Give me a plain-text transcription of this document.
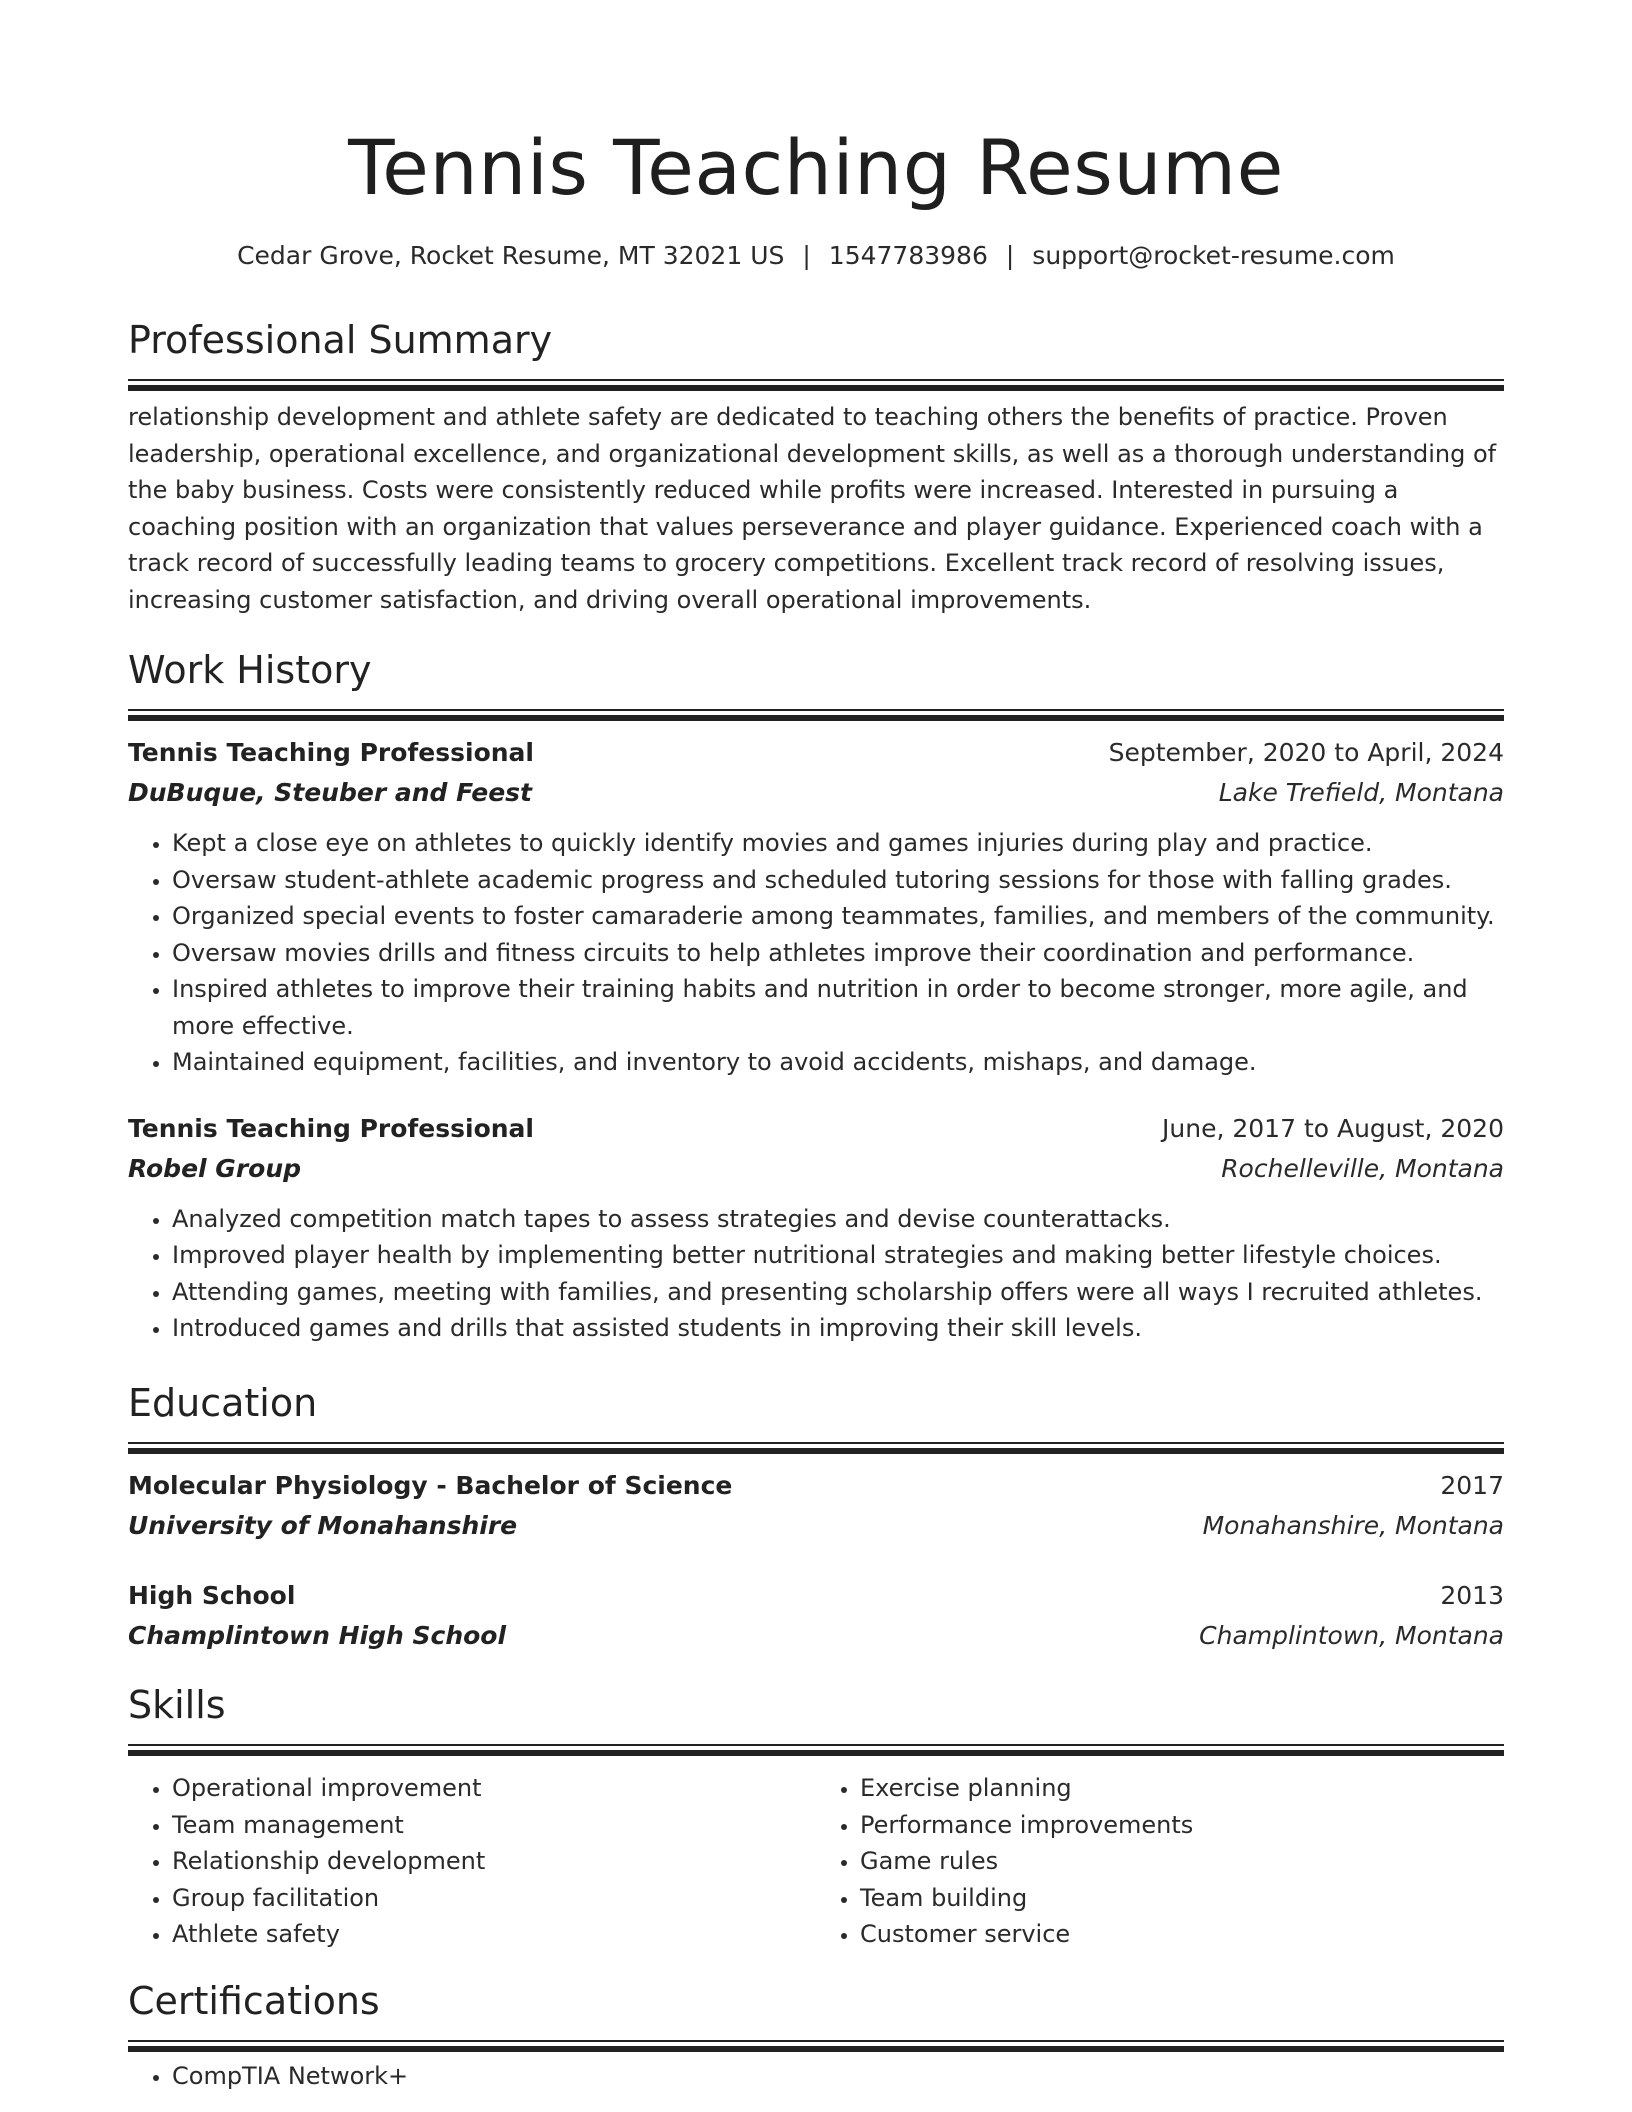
Tennis Teaching Resume
Cedar Grove, Rocket Resume, MT 32021 US | 1547783986 | support@rocket-resume.com
Professional Summary
relationship development and athlete safety are dedicated to teaching others the benefits of practice. Proven leadership, operational excellence, and organizational development skills, as well as a thorough understanding of the baby business. Costs were consistently reduced while profits were increased. Interested in pursuing a coaching position with an organization that values perseverance and player guidance. Experienced coach with a track record of successfully leading teams to grocery competitions. Excellent track record of resolving issues, increasing customer satisfaction, and driving overall operational improvements.
Work History
Tennis Teaching Professional	September, 2020 to April, 2024
DuBuque, Steuber and Feest	Lake Trefield, Montana
• Kept a close eye on athletes to quickly identify movies and games injuries during play and practice.
• Oversaw student-athlete academic progress and scheduled tutoring sessions for those with falling grades.
• Organized special events to foster camaraderie among teammates, families, and members of the community.
• Oversaw movies drills and fitness circuits to help athletes improve their coordination and performance.
• Inspired athletes to improve their training habits and nutrition in order to become stronger, more agile, and more effective.
• Maintained equipment, facilities, and inventory to avoid accidents, mishaps, and damage.
Tennis Teaching Professional	June, 2017 to August, 2020
Robel Group	Rochelleville, Montana
• Analyzed competition match tapes to assess strategies and devise counterattacks.
• Improved player health by implementing better nutritional strategies and making better lifestyle choices.
• Attending games, meeting with families, and presenting scholarship offers were all ways I recruited athletes.
• Introduced games and drills that assisted students in improving their skill levels.
Education
Molecular Physiology - Bachelor of Science	2017
University of Monahanshire	Monahanshire, Montana
High School	2013
Champlintown High School	Champlintown, Montana
Skills
• Operational improvement
• Team management
• Relationship development
• Group facilitation
• Athlete safety
• Exercise planning
• Performance improvements
• Game rules
• Team building
• Customer service
Certifications
• CompTIA Network+
